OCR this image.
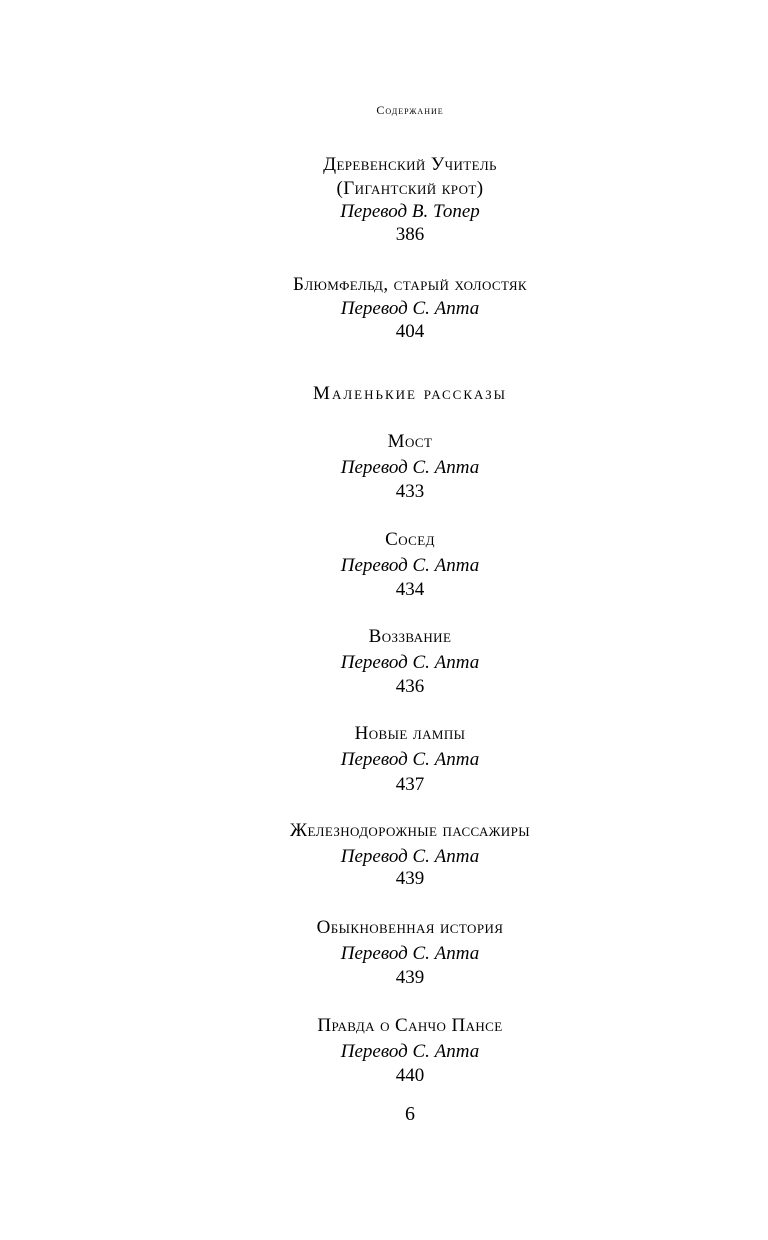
Содержание
Деревенский Учитель
(Гигантский крот)
Перевод В. Топер
386
Блюмфельд, старый холостяк
Перевод С. Апта
404
Маленькие рассказы
Мост
Перевод С. Апта
433
Сосед
Перевод С. Апта
434
Воззвание
Перевод С. Апта
436
Новые лампы
Перевод С. Апта
437
Железнодорожные пассажиры
Перевод С. Апта
439
Обыкновенная история
Перевод С. Апта
439
Правда о Санчо Пансе
Перевод С. Апта
440
6
